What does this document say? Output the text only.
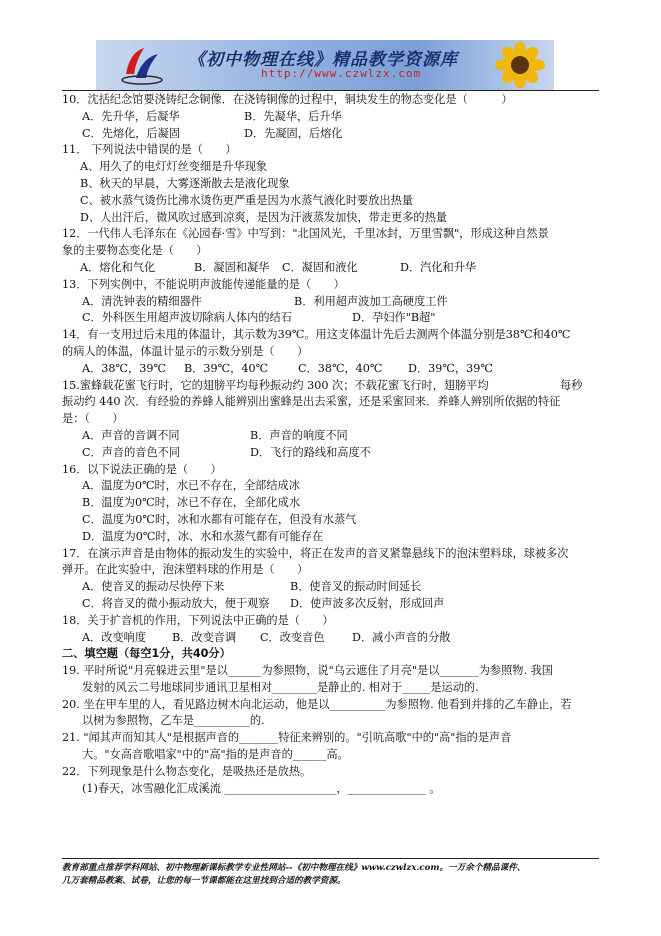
《初中物理在线》精品教学资源库
http://www.czwlzx.com
10．沈括纪念馆要浇铸纪念铜像．在浇铸铜像的过程中，铜块发生的物态变化是（　　　）
A．先升华，后凝华	B．先凝华，后升华
C．先熔化，后凝固	D．先凝固，后熔化
11． 下列说法中错误的是（　　）
A、用久了的电灯灯丝变细是升华现象
B、秋天的早晨，大雾逐渐散去是液化现象
C、被水蒸气烫伤比沸水烫伤更严重是因为水蒸气液化时要放出热量
D、人出汗后，微风吹过感到凉爽，是因为汗液蒸发加快，带走更多的热量
12．一代伟人毛泽东在《沁园春·雪》中写到："北国风光，千里冰封，万里雪飘"，形成这种自然景
象的主要物态变化是（　　）
A．熔化和气化	B．凝固和凝华 C．凝固和液化	D．汽化和升华
13．下列实例中，不能说明声波能传递能量的是（　　）
A．清洗钟表的精细器件	B．利用超声波加工高硬度工件
C．外科医生用超声波切除病人体内的结石	D．孕妇作"B超"
14．有一支用过后未甩的体温计，其示数为39℃。用这支体温计先后去测两个体温分别是38℃和40℃
的病人的体温，体温计显示的示数分别是（　　）
A．38℃，39℃ B．39℃，40℃	C．38℃，40℃ D．39℃，39℃
15.蜜蜂载花蜜飞行时，它的翅膀平均每秒振动约 300 次；不载花蜜飞行时，翅膀平均	每秒
振动约 440 次．有经验的养蜂人能辨别出蜜蜂是出去采蜜，还是采蜜回来．养蜂人辨别所依据的特征
是：（　　）
A．声音的音调不同	B．声音的响度不同
C．声音的音色不同	D．飞行的路线和高度不
16．以下说法正确的是（　　）
A．温度为0℃时，水已不存在，全部结成冰
B．温度为0℃时，冰已不存在，全部化成水
C．温度为0℃时，冰和水都有可能存在，但没有水蒸气
D．温度为0℃时，冰、水和水蒸气都有可能存在
17．在演示声音是由物体的振动发生的实验中，将正在发声的音叉紧靠悬线下的泡沫塑料球，球被多次
弹开。在此实验中，泡沫塑料球的作用是（　　）
A．使音叉的振动尽快停下来	B．使音叉的振动时间延长
C．将音叉的微小振动放大，便于观察 D．使声波多次反射，形成回声
18．关于扩音机的作用，下列说法中正确的是（　　）
A．改变响度 B．改变音调 C．改变音色 D．减小声音的分散
二、填空题（每空1分，共40分）
19. 平时所说"月亮躲进云里"是以______为参照物，说"乌云遮住了月亮"是以_______为参照物. 我国
发射的风云二号地球同步通讯卫星相对________是静止的. 相对于_____是运动的.
20. 坐在甲车里的人，看见路边树木向北运动，他是以__________为参照物. 他看到并排的乙车静止，若
以树为参照物，乙车是__________的.
21. "闻其声而知其人"是根据声音的_______特征来辨别的。"引吭高歌"中的"高"指的是声音
大。"女高音歌唱家"中的"高"指的是声音的______高。
22．下列现象是什么物态变化，是吸热还是放热。
(1)春天，冰雪融化汇成溪流 ____________________，______________ 。
教育部重点推荐学科网站、初中物理新课标教学专业性网站--《初中物理在线》www.czwlzx.com。一万余个精品课件、
几万套精品教案、试卷，让您的每一节课都能在这里找到合适的教学资源。
